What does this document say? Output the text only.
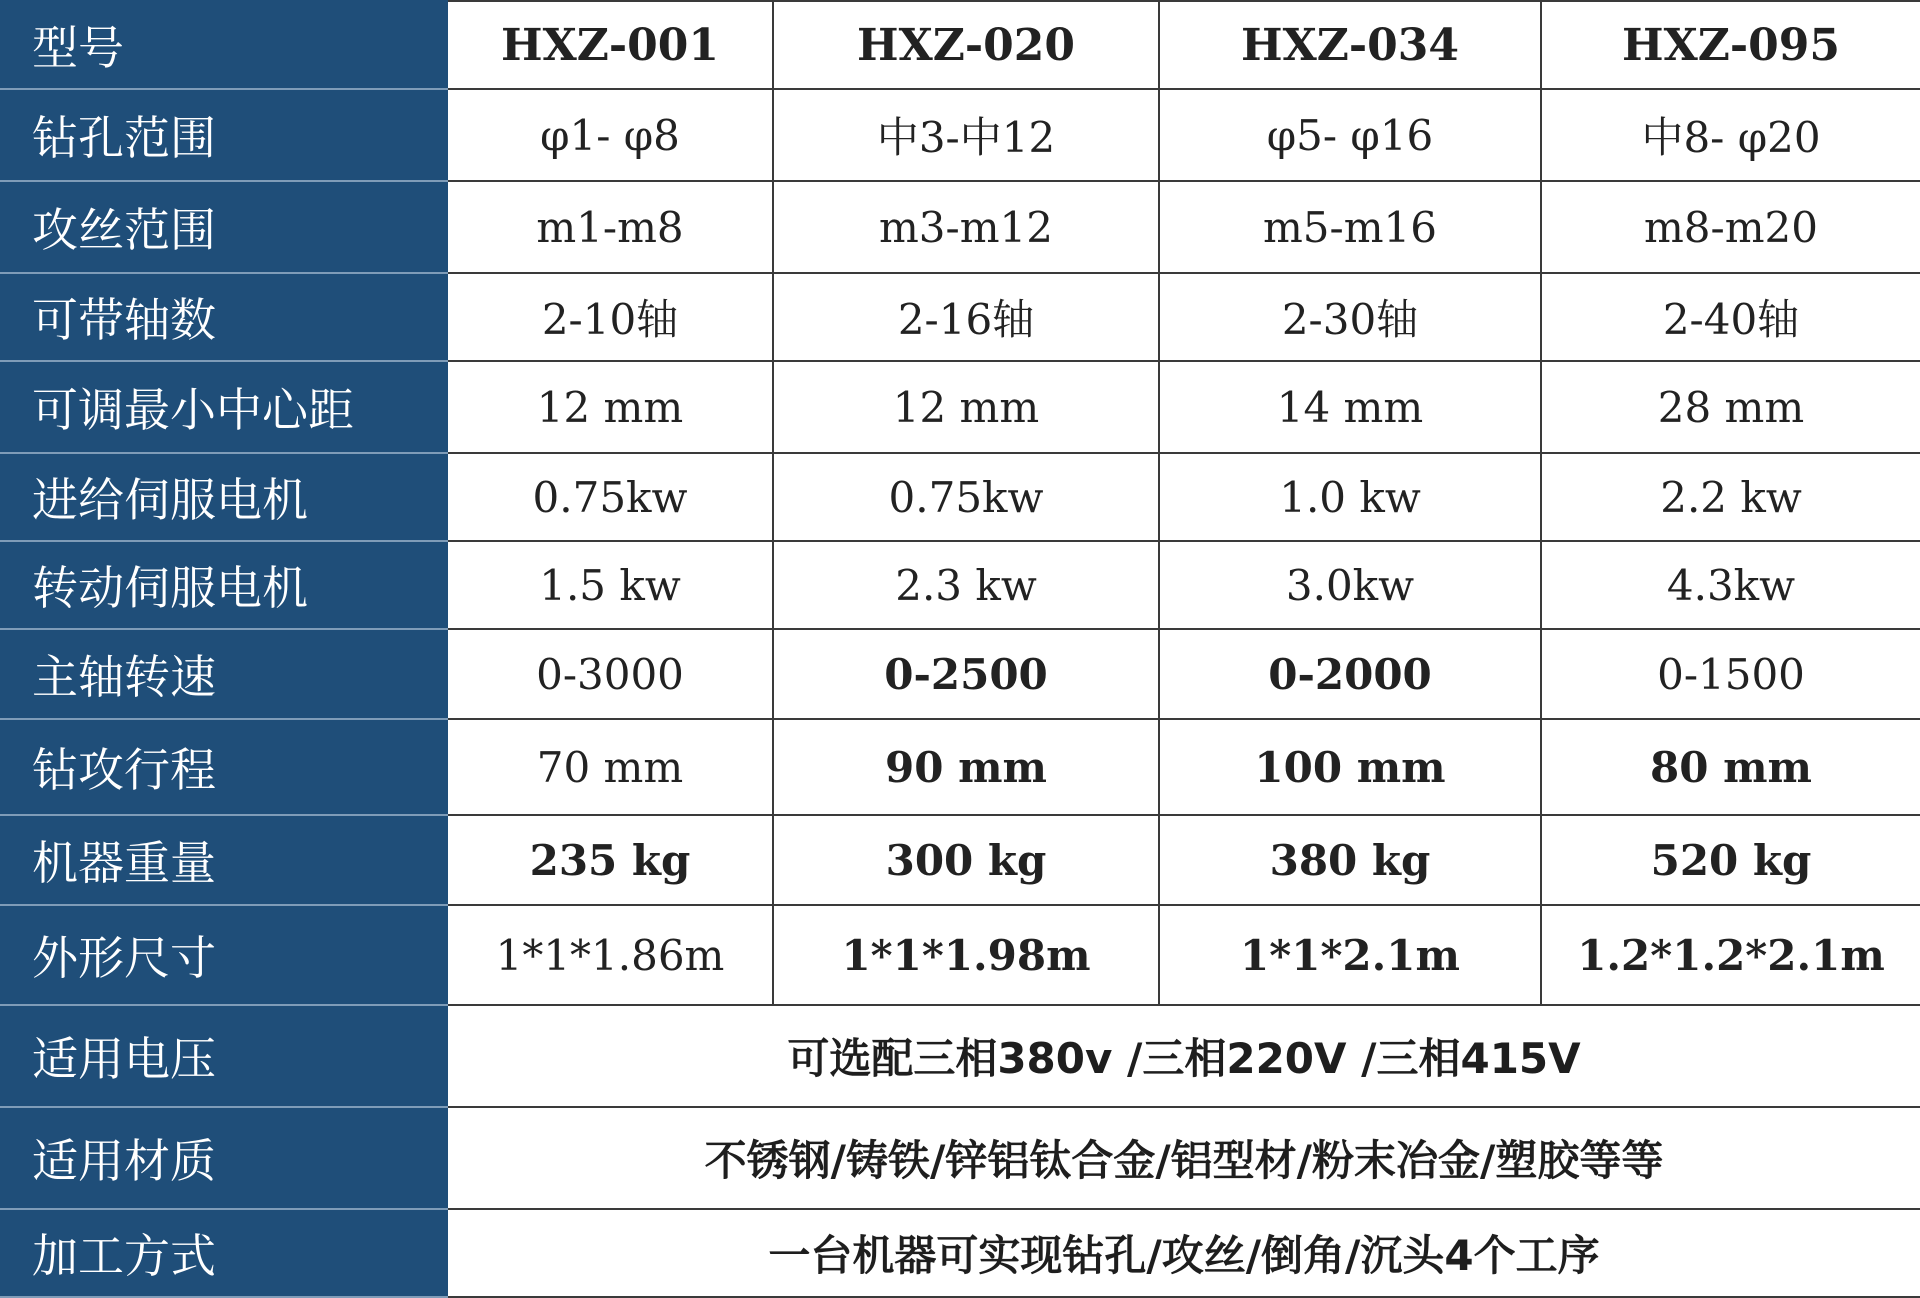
型号	HXZ-001	HXZ-020	HXZ-034	HXZ-095
钻孔范围	φ1- φ8	中3-中12	φ5- φ16	中8- φ20
攻丝范围	m1-m8	m3-m12	m5-m16	m8-m20
可带轴数	2-10轴	2-16轴	2-30轴	2-40轴
可调最小中心距	12 mm	12 mm	14 mm	28 mm
进给伺服电机	0.75kw	0.75kw	1.0 kw	2.2 kw
转动伺服电机	1.5 kw	2.3 kw	3.0kw	4.3kw
主轴转速	0-3000	0-2500	0-2000	0-1500
钻攻行程	70 mm	90 mm	100 mm	80 mm
机器重量	235 kg	300 kg	380 kg	520 kg
外形尺寸	1*1*1.86m	1*1*1.98m	1*1*2.1m	1.2*1.2*2.1m
适用电压	可选配三相380v /三相220V /三相415V			
适用材质	不锈钢/铸铁/锌铝钛合金/铝型材/粉末冶金/塑胶等等			
加工方式	一台机器可实现钻孔/攻丝/倒角/沉头4个工序			
